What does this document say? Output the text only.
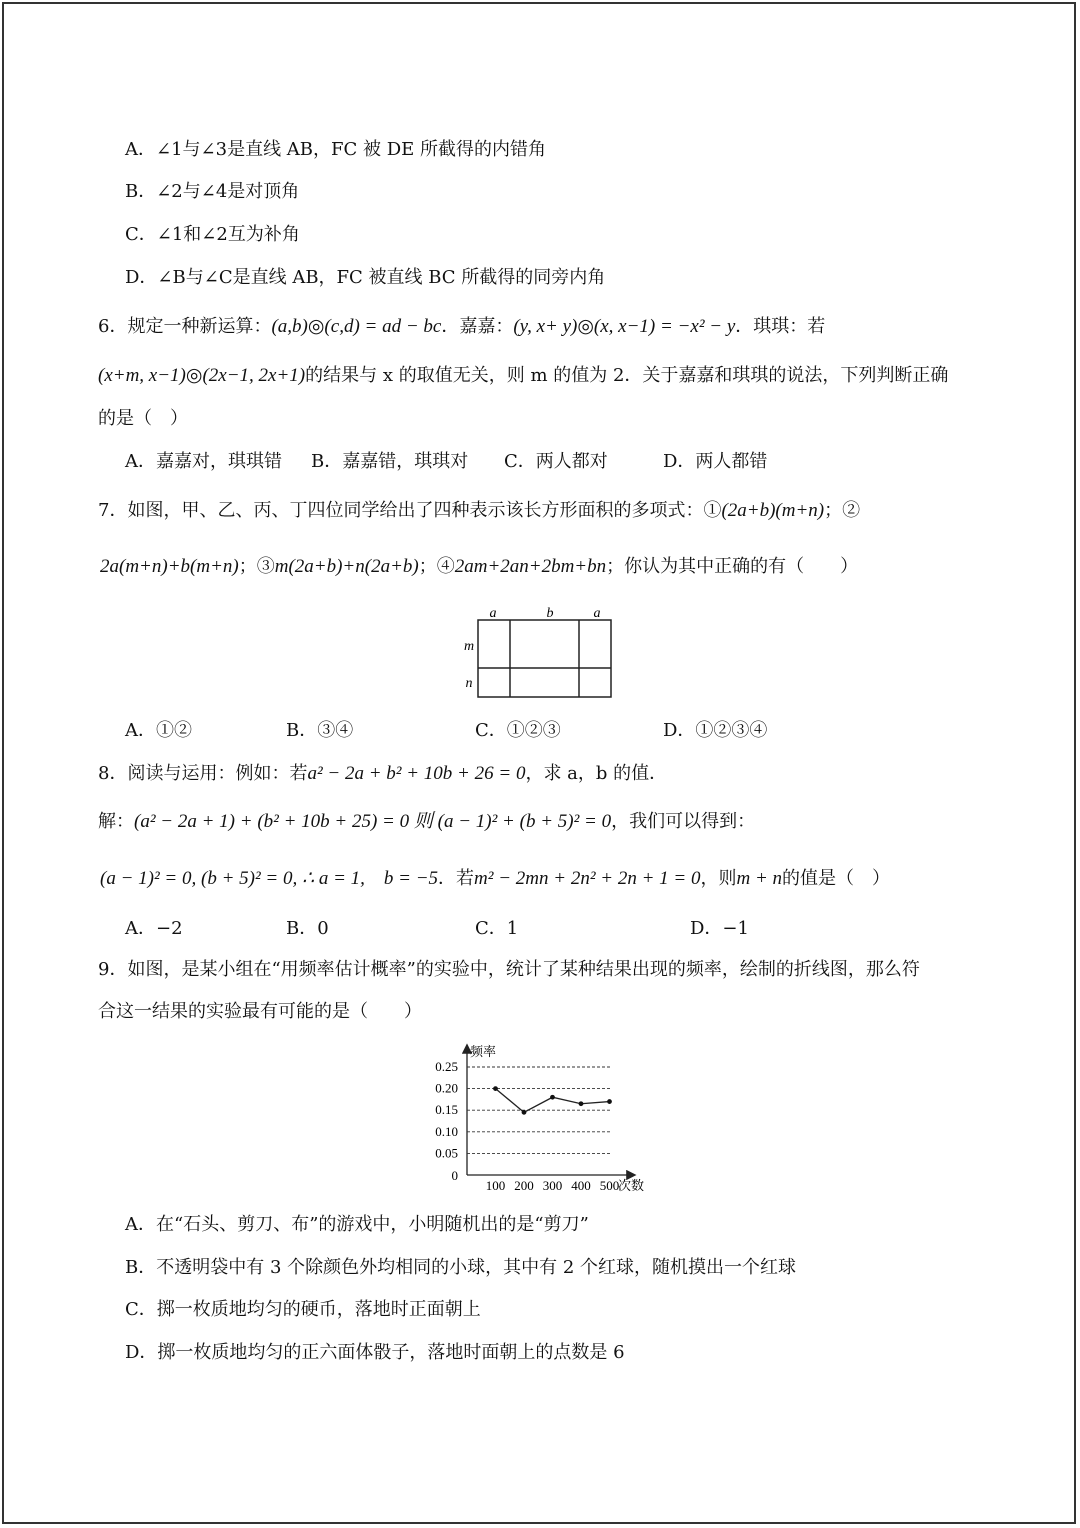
A．∠1与∠3是直线 AB，FC 被 DE 所截得的内错角
B．∠2与∠4是对顶角
C．∠1和∠2互为补角
D．∠B与∠C是直线 AB，FC 被直线 BC 所截得的同旁内角
6．规定一种新运算：(a,b)◎(c,d) = ad − bc．嘉嘉：(y, x+ y)◎(x, x−1) = −x² − y．琪琪：若
(x+m, x−1)◎(2x−1, 2x+1)的结果与 x 的取值无关，则 m 的值为 2．关于嘉嘉和琪琪的说法，下列判断正确
的是（　）
A．嘉嘉对，琪琪错 B．嘉嘉错，琪琪对 C．两人都对	D．两人都错
7．如图，甲、乙、丙、丁四位同学给出了四种表示该长方形面积的多项式：①(2a+b)(m+n)；②
2a(m+n)+b(m+n)；③m(2a+b)+n(2a+b)；④2am+2an+2bm+bn；你认为其中正确的有（　　）
a	b	a
m
n
A．①②	B．③④	C．①②③	D．①②③④
8．阅读与运用：例如：若a² − 2a + b² + 10b + 26 = 0，求 a，b 的值．
解：(a² − 2a + 1) + (b² + 10b + 25) = 0 则 (a − 1)² + (b + 5)² = 0，我们可以得到：
(a − 1)² = 0, (b + 5)² = 0, ∴ a = 1,　b = −5．若m² − 2mn + 2n² + 2n + 1 = 0，则m + n的值是（　）
A．−2	B．0	C．1	D．−1
9．如图，是某小组在“用频率估计概率”的实验中，统计了某种结果出现的频率，绘制的折线图，那么符
合这一结果的实验最有可能的是（　　）
频率
次数
0
0.25
0.20
0.15
0.10
0.05
100 200 300 400 500
A．在“石头、剪刀、布”的游戏中，小明随机出的是“剪刀”
B．不透明袋中有 3 个除颜色外均相同的小球，其中有 2 个红球，随机摸出一个红球
C．掷一枚质地均匀的硬币，落地时正面朝上
D．掷一枚质地均匀的正六面体骰子，落地时面朝上的点数是 6
